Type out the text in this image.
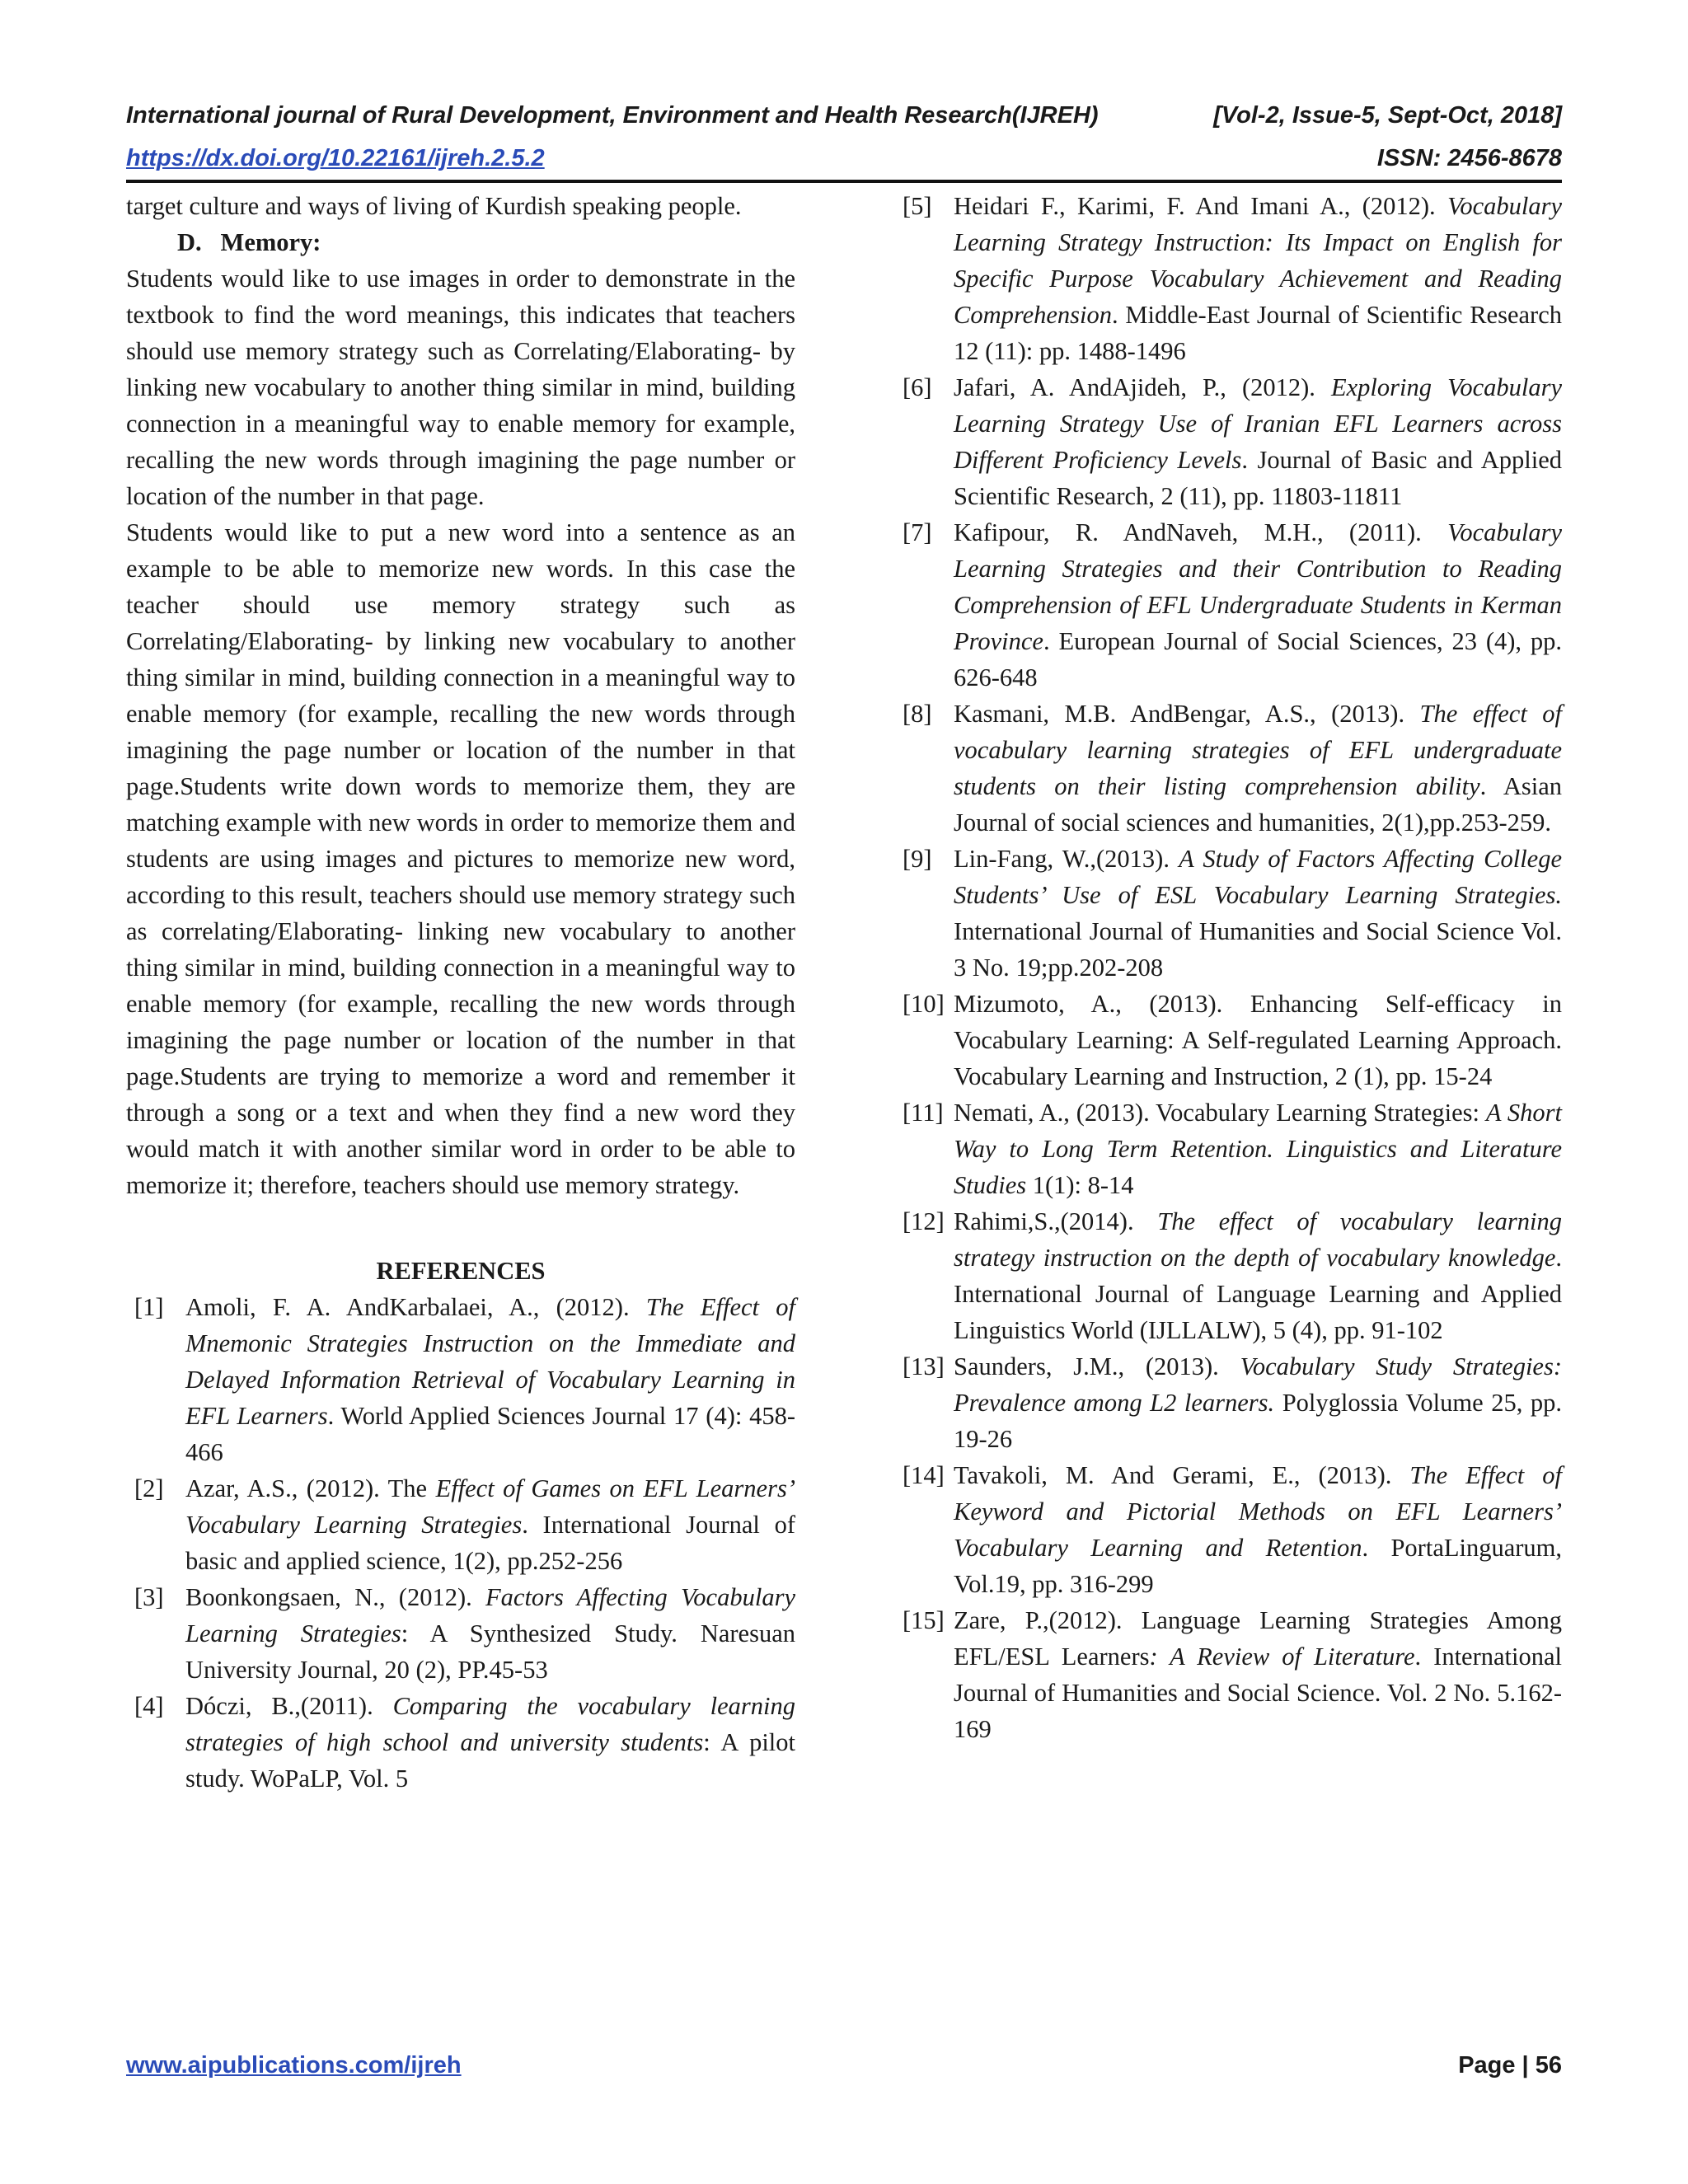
International journal of Rural Development, Environment and Health Research(IJREH)	[Vol-2, Issue-5, Sept-Oct, 2018]
https://dx.doi.org/10.22161/ijreh.2.5.2	ISSN: 2456-8678

target culture and ways of living of Kurdish speaking people.

D.   Memory:

Students would like to use images in order to demonstrate in the textbook to find the word meanings, this indicates that teachers should use memory strategy such as Correlating/Elaborating- by linking new vocabulary to another thing similar in mind, building connection in a meaningful way to enable memory for example, recalling the new words through imagining the page number or location of the number in that page.

Students would like to put a new word into a sentence as an example to be able to memorize new words. In this case the teacher should use memory strategy such as Correlating/Elaborating- by linking new vocabulary to another thing similar in mind, building connection in a meaningful way to enable memory (for example, recalling the new words through imagining the page number or location of the number in that page.Students write down words to memorize them, they are matching example with new words in order to memorize them and students are using images and pictures to memorize new word, according to this result, teachers should use memory strategy such as correlating/Elaborating- linking new vocabulary to another thing similar in mind, building connection in a meaningful way to enable memory (for example, recalling the new words through imagining the page number or location of the number in that page.Students are trying to memorize a word and remember it through a song or a text and when they find a new word they would match it with another similar word in order to be able to memorize it; therefore, teachers should use memory strategy.

REFERENCES

[1] Amoli, F. A. AndKarbalaei, A., (2012). The Effect of Mnemonic Strategies Instruction on the Immediate and Delayed Information Retrieval of Vocabulary Learning in EFL Learners. World Applied Sciences Journal 17 (4): 458-466
[2] Azar, A.S., (2012). The Effect of Games on EFL Learners’ Vocabulary Learning Strategies. International Journal of basic and applied science, 1(2), pp.252-256
[3] Boonkongsaen, N., (2012). Factors Affecting Vocabulary Learning Strategies: A Synthesized Study. Naresuan University Journal, 20 (2), PP.45-53
[4] Dóczi, B.,(2011). Comparing the vocabulary learning strategies of high school and university students: A pilot study. WoPaLP, Vol. 5
[5] Heidari F., Karimi, F. And Imani A., (2012). Vocabulary Learning Strategy Instruction: Its Impact on English for Specific Purpose Vocabulary Achievement and Reading Comprehension. Middle-East Journal of Scientific Research 12 (11): pp. 1488-1496
[6] Jafari, A. AndAjideh, P., (2012). Exploring Vocabulary Learning Strategy Use of Iranian EFL Learners across Different Proficiency Levels. Journal of Basic and Applied Scientific Research, 2 (11), pp. 11803-11811
[7] Kafipour, R. AndNaveh, M.H., (2011). Vocabulary Learning Strategies and their Contribution to Reading Comprehension of EFL Undergraduate Students in Kerman Province. European Journal of Social Sciences, 23 (4), pp. 626-648
[8] Kasmani, M.B. AndBengar, A.S., (2013). The effect of vocabulary learning strategies of EFL undergraduate students on their listing comprehension ability. Asian Journal of social sciences and humanities, 2(1),pp.253-259.
[9] Lin-Fang, W.,(2013). A Study of Factors Affecting College Students’ Use of ESL Vocabulary Learning Strategies. International Journal of Humanities and Social Science Vol. 3 No. 19;pp.202-208
[10] Mizumoto, A., (2013). Enhancing Self-efficacy in Vocabulary Learning: A Self-regulated Learning Approach. Vocabulary Learning and Instruction, 2 (1), pp. 15-24
[11] Nemati, A., (2013). Vocabulary Learning Strategies: A Short Way to Long Term Retention. Linguistics and Literature Studies 1(1): 8-14
[12] Rahimi,S.,(2014). The effect of vocabulary learning strategy instruction on the depth of vocabulary knowledge. International Journal of Language Learning and Applied Linguistics World (IJLLALW), 5 (4), pp. 91-102
[13] Saunders, J.M., (2013). Vocabulary Study Strategies: Prevalence among L2 learners. Polyglossia Volume 25, pp. 19-26
[14] Tavakoli, M. And Gerami, E., (2013). The Effect of Keyword and Pictorial Methods on EFL Learners’ Vocabulary Learning and Retention. PortaLinguarum, Vol.19, pp. 316-299
[15] Zare, P.,(2012). Language Learning Strategies Among EFL/ESL Learners: A Review of Literature. International Journal of Humanities and Social Science. Vol. 2 No. 5.162-169
www.aipublications.com/ijreh	Page | 56
